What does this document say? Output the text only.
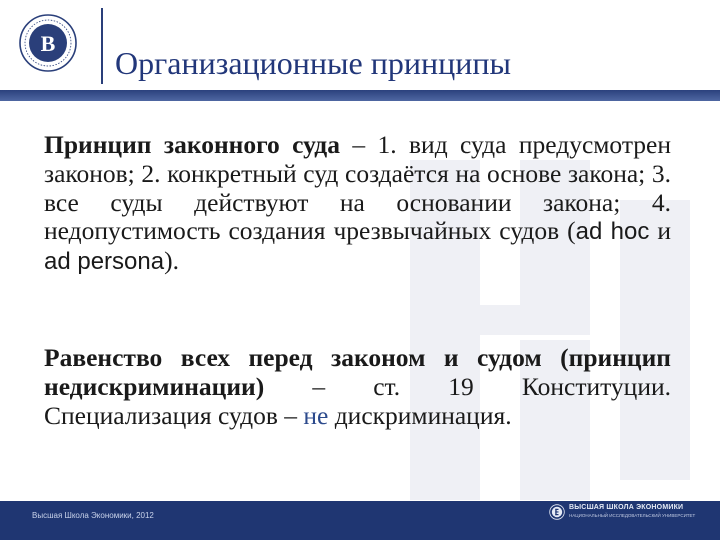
В
Организационные принципы
Принцип законного суда – 1. вид суда предусмотрен законов; 2. конкретный суд создаётся на основе закона; 3. все суды действуют на основании закона; 4. недопустимость создания чрезвычайных судов (ad hoc и ad persona).
Равенство всех перед законом и судом (принцип недискриминации) – ст. 19 Конституции. Специализация судов – не дискриминация.
Высшая Школа Экономики, 2012
ВЫСШАЯ ШКОЛА ЭКОНОМИКИ
НАЦИОНАЛЬНЫЙ ИССЛЕДОВАТЕЛЬСКИЙ УНИВЕРСИТЕТ
